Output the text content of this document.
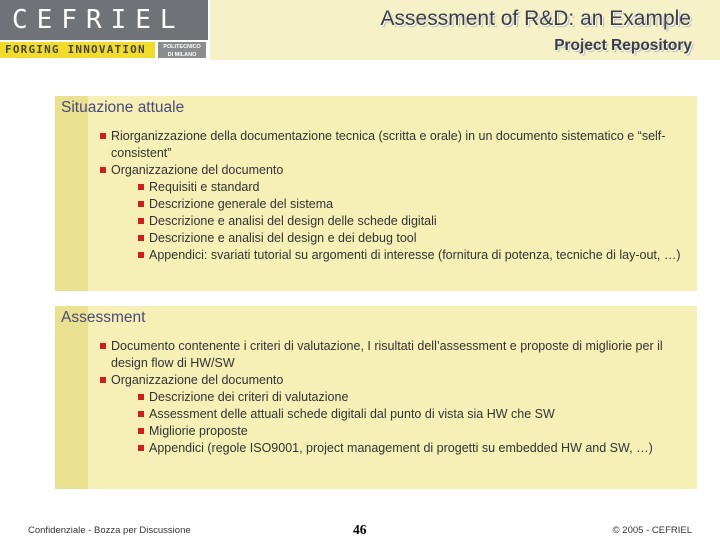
CEFRIEL
FORGING INNOVATION	POLITECNICO
DI MILANO
Assessment of R&D: an Example
Project Repository
Situazione attuale
Riorganizzazione della documentazione tecnica (scritta e orale) in un documento sistematico e “self-consistent”
Organizzazione del documento
Requisiti e standard
Descrizione generale del sistema
Descrizione e analisi del design delle schede digitali
Descrizione e analisi del design e dei debug tool
Appendici: svariati tutorial su argomenti di interesse (fornitura di potenza, tecniche di lay-out, …)
Assessment
Documento contenente i criteri di valutazione, I risultati dell’assessment e proposte di migliorie per il design flow di HW/SW
Organizzazione del documento
Descrizione dei criteri di valutazione
Assessment delle attuali schede digitali dal punto di vista sia HW che SW
Migliorie proposte
Appendici (regole ISO9001, project management di progetti su embedded HW and SW, …)
Confidenziale - Bozza per Discussione	46	© 2005 - CEFRIEL
